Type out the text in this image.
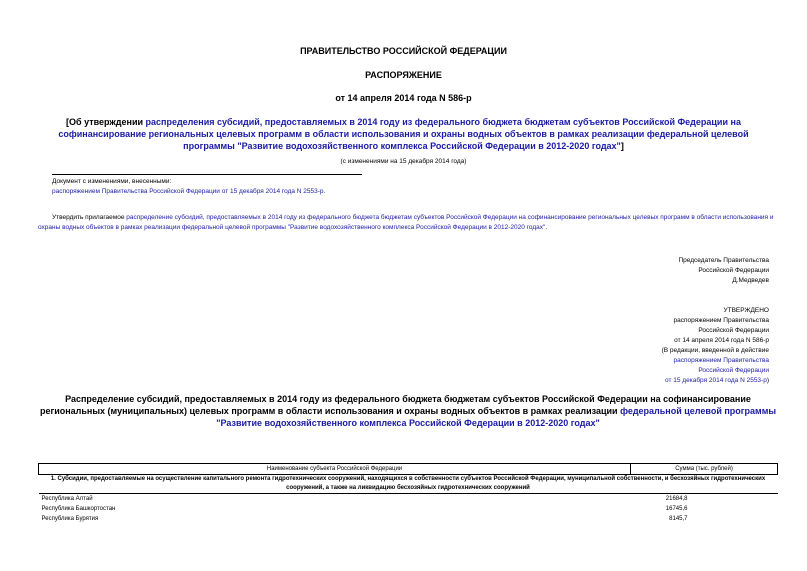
ПРАВИТЕЛЬСТВО РОССИЙСКОЙ ФЕДЕРАЦИИ
РАСПОРЯЖЕНИЕ
от 14 апреля 2014 года N 586-р
[Об утверждении распределения субсидий, предоставляемых в 2014 году из федерального бюджета бюджетам субъектов Российской Федерации на софинансирование региональных целевых программ в области использования и охраны водных объектов в рамках реализации федеральной целевой программы "Развитие водохозяйственного комплекса Российской Федерации в 2012-2020 годах"]
(с изменениями на 15 декабря 2014 года)
Документ с изменениями, внесенными:
распоряжением Правительства Российской Федерации от 15 декабря 2014 года N 2553-р.
Утвердить прилагаемое распределение субсидий, предоставляемых в 2014 году из федерального бюджета бюджетам субъектов Российской Федерации на софинансирование региональных целевых программ в области использования и охраны водных объектов в рамках реализации федеральной целевой программы "Развитие водохозяйственного комплекса Российской Федерации в 2012-2020 годах".
Председатель Правительства
Российской Федерации
Д.Медведев
УТВЕРЖДЕНО
распоряжением Правительства
Российской Федерации
от 14 апреля 2014 года N 586-р
(В редакции, введенной в действие
распоряжением Правительства
Российской Федерации
от 15 декабря 2014 года N 2553-р)
Распределение субсидий, предоставляемых в 2014 году из федерального бюджета бюджетам субъектов Российской Федерации на софинансирование региональных (муниципальных) целевых программ в области использования и охраны водных объектов в рамках реализации федеральной целевой программы "Развитие водохозяйственного комплекса Российской Федерации в 2012-2020 годах"
Наименование субъекта Российской Федерации	Сумма (тыс. рублей)
1. Субсидии, предоставляемые на осуществление капитального ремонта гидротехнических сооружений, находящихся в собственности субъектов Российской Федерации, муниципальной собственности, и бесхозяйных гидротехнических сооружений, а также на ликвидацию бесхозяйных гидротехнических сооружений	
Республика Алтай	21684,8
Республика Башкортостан	16745,6
Республика Бурятия	8145,7
